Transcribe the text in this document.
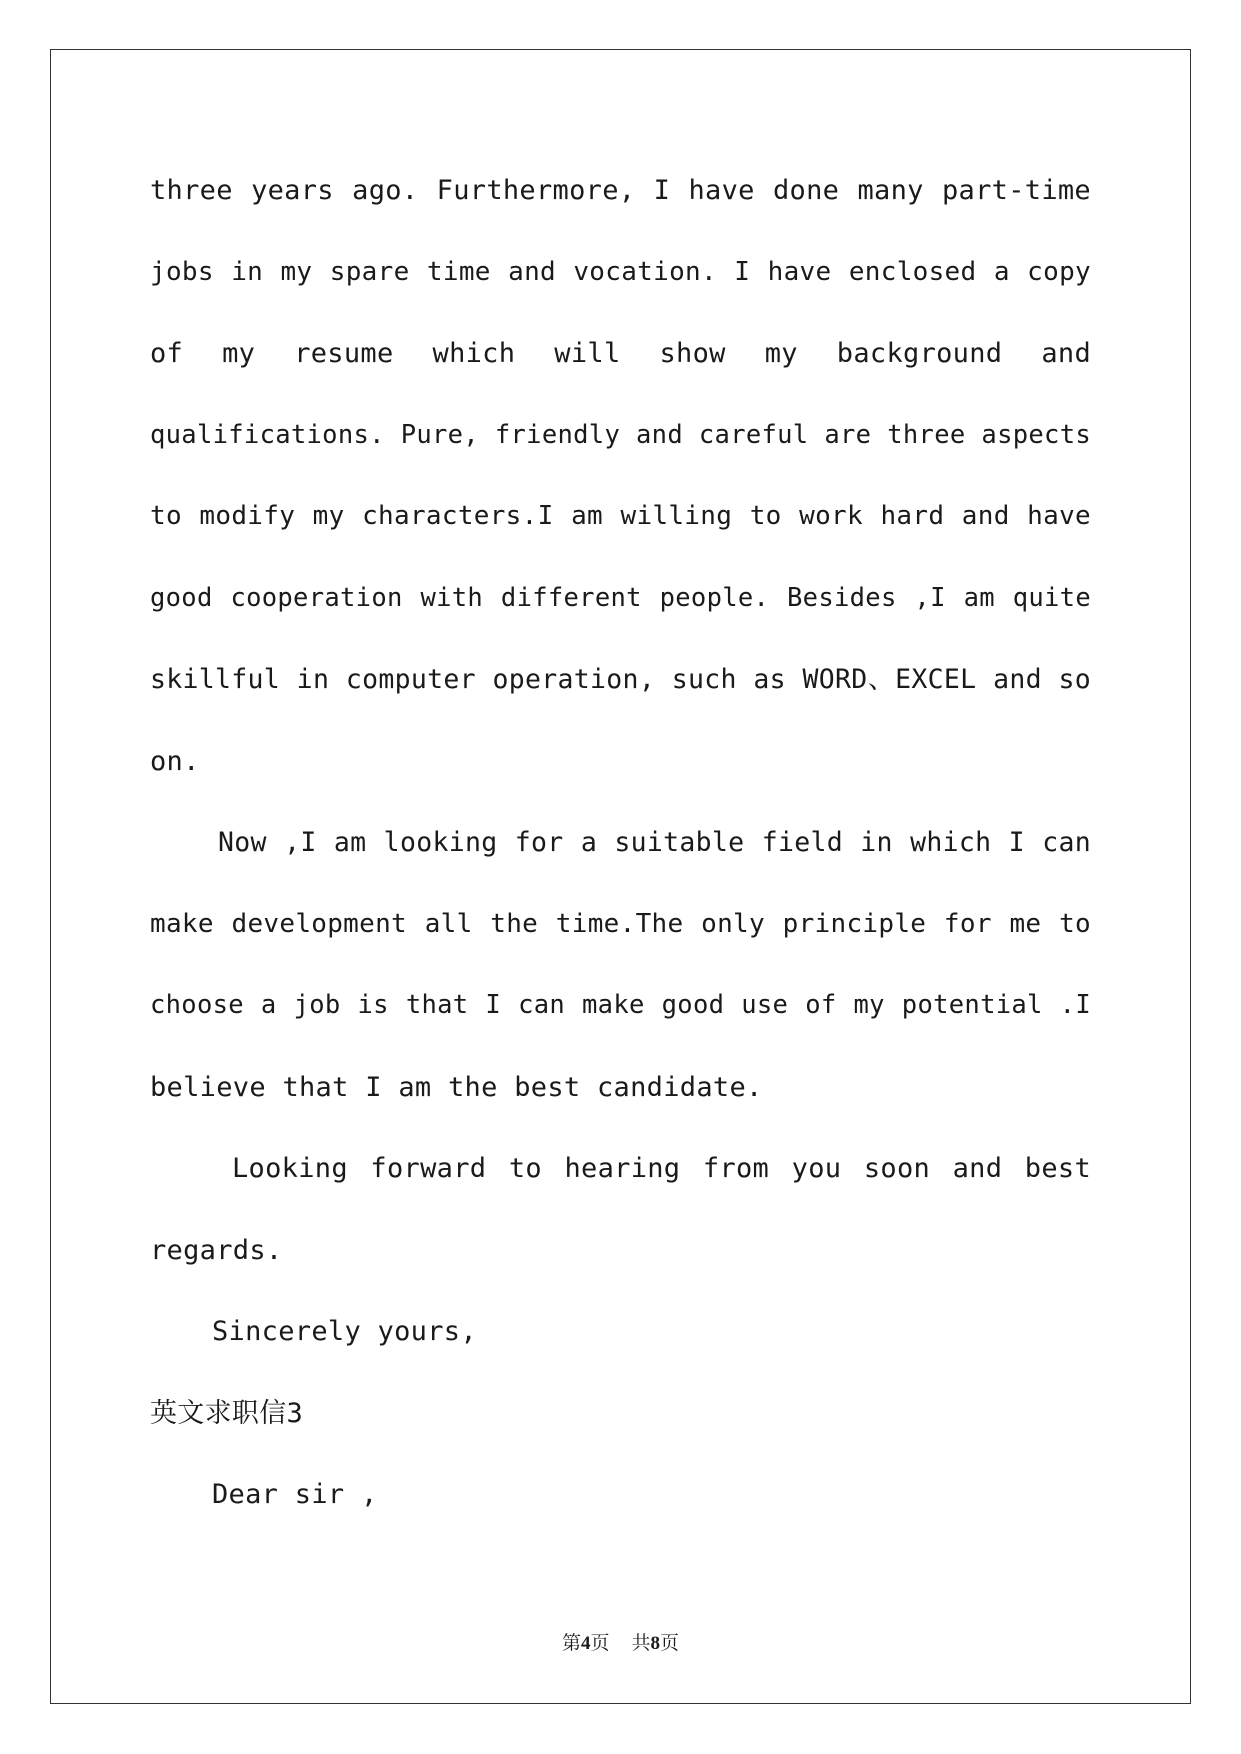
three years ago. Furthermore, I have done many part-time
jobs in my spare time and vocation. I have enclosed a copy
of my resume which will show my background and
qualifications. Pure, friendly and careful are three aspects
to modify my characters.I am willing to work hard and have
good cooperation with different people. Besides ,I am quite
skillful in computer operation, such as WORD、EXCEL and so
on.
Now ,I am looking for a suitable field in which I can
make development all the time.The only principle for me to
choose a job is that I can make good use of my potential .I
believe that I am the best candidate.
Looking forward to hearing from you soon and best
regards.
Sincerely yours,
英文求职信3
Dear sir ,
第4页 共8页
